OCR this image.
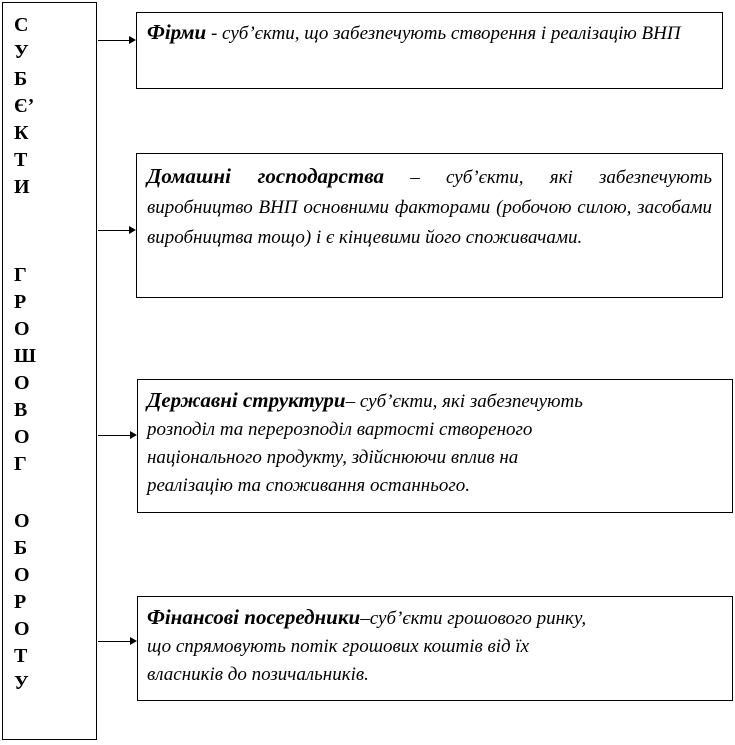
С
У
Б
Є’
К
Т
И
Г
Р
О
Ш
О
В
О
Г
О
Б
О
Р
О
Т
У
Фірми - суб’єкти, що забезпечують створення і реалізацію ВНП
Домашні господарства – суб’єкти, які забезпечують виробництво ВНП основними факторами (робочою силою, засобами виробництва тощо) і є кінцевими його споживачами.
Державні структури– суб’єкти, які забезпечують
розподіл та перерозподіл вартості створеного
національного продукту, здійснюючи вплив на
реалізацію та споживання останнього.
Фінансові посередники–суб’єкти грошового ринку,
що спрямовують потік грошових коштів від їх
власників до позичальників.
